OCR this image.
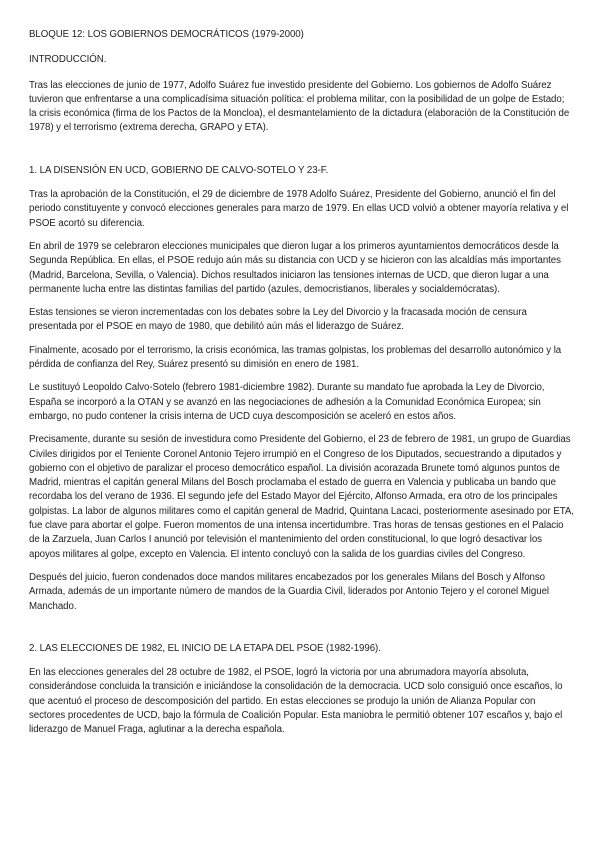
BLOQUE 12: LOS GOBIERNOS DEMOCRÁTICOS (1979-2000)
INTRODUCCIÓN.

Tras las elecciones de junio de 1977, Adolfo Suárez fue investido presidente del Gobierno. Los gobiernos de Adolfo Suárez tuvieron que enfrentarse a una complicadísima situación política: el problema militar, con la posibilidad de un golpe de Estado; la crisis económica (firma de los Pactos de la Moncloa), el desmantelamiento de la dictadura (elaboración de la Constitución de 1978) y el terrorismo (extrema derecha, GRAPO y ETA).

1. LA DISENSIÓN EN UCD, GOBIERNO DE CALVO-SOTELO Y 23-F.

Tras la aprobación de la Constitución, el 29 de diciembre de 1978 Adolfo Suárez, Presidente del Gobierno, anunció el fin del periodo constituyente y convocó elecciones generales para marzo de 1979. En ellas UCD volvió a obtener mayoría relativa y el PSOE acortó su diferencia.

En abril de 1979 se celebraron elecciones municipales que dieron lugar a los primeros ayuntamientos democráticos desde la Segunda República. En ellas, el PSOE redujo aún más su distancia con UCD y se hicieron con las alcaldías más importantes (Madrid, Barcelona, Sevilla, o Valencia). Dichos resultados iniciaron las tensiones internas de UCD, que dieron lugar a una permanente lucha entre las distintas familias del partido (azules, democristianos, liberales y socialdemócratas).

Estas tensiones se vieron incrementadas con los debates sobre la Ley del Divorcio y la fracasada moción de censura presentada por el PSOE en mayo de 1980, que debilitó aún más el liderazgo de Suárez.

Finalmente, acosado por el terrorismo, la crisis económica, las tramas golpistas, los problemas del desarrollo autonómico y la pérdida de confianza del Rey, Suárez presentó su dimisión en enero de 1981.

Le sustituyó Leopoldo Calvo-Sotelo (febrero 1981-diciembre 1982). Durante su mandato fue aprobada la Ley de Divorcio, España se incorporó a la OTAN y se avanzó en las negociaciones de adhesión a la Comunidad Económica Europea; sin embargo, no pudo contener la crisis interna de UCD cuya descomposición se aceleró en estos años.

Precisamente, durante su sesión de investidura como Presidente del Gobierno, el 23 de febrero de 1981, un grupo de Guardias Civiles dirigidos por el Teniente Coronel Antonio Tejero irrumpió en el Congreso de los Diputados, secuestrando a diputados y gobierno con el objetivo de paralizar el proceso democrático español. La división acorazada Brunete tomó algunos puntos de Madrid, mientras el capitán general Milans del Bosch proclamaba el estado de guerra en Valencia y publicaba un bando que recordaba los del verano de 1936. El segundo jefe del Estado Mayor del Ejército, Alfonso Armada, era otro de los principales golpistas. La labor de algunos militares como el capitán general de Madrid, Quintana Lacaci, posteriormente asesinado por ETA, fue clave para abortar el golpe. Fueron momentos de una intensa incertidumbre. Tras horas de tensas gestiones en el Palacio de la Zarzuela, Juan Carlos I anunció por televisión el mantenimiento del orden constitucional, lo que logró desactivar los apoyos militares al golpe, excepto en Valencia. El intento concluyó con la salida de los guardias civiles del Congreso.

Después del juicio, fueron condenados doce mandos militares encabezados por los generales Milans del Bosch y Alfonso Armada, además de un importante número de mandos de la Guardia Civil, liderados por Antonio Tejero y el coronel Miguel Manchado.

2. LAS ELECCIONES DE 1982, EL INICIO DE LA ETAPA DEL PSOE (1982-1996).

En las elecciones generales del 28 octubre de 1982, el PSOE, logró la victoria por una abrumadora mayoría absoluta, considerándose concluida la transición e iniciándose la consolidación de la democracia. UCD solo consiguió once escaños, lo que acentuó el proceso de descomposición del partido. En estas elecciones se produjo la unión de Alianza Popular con sectores procedentes de UCD, bajo la fórmula de Coalición Popular. Esta maniobra le permitió obtener 107 escaños y, bajo el liderazgo de Manuel Fraga, aglutinar a la derecha española.
